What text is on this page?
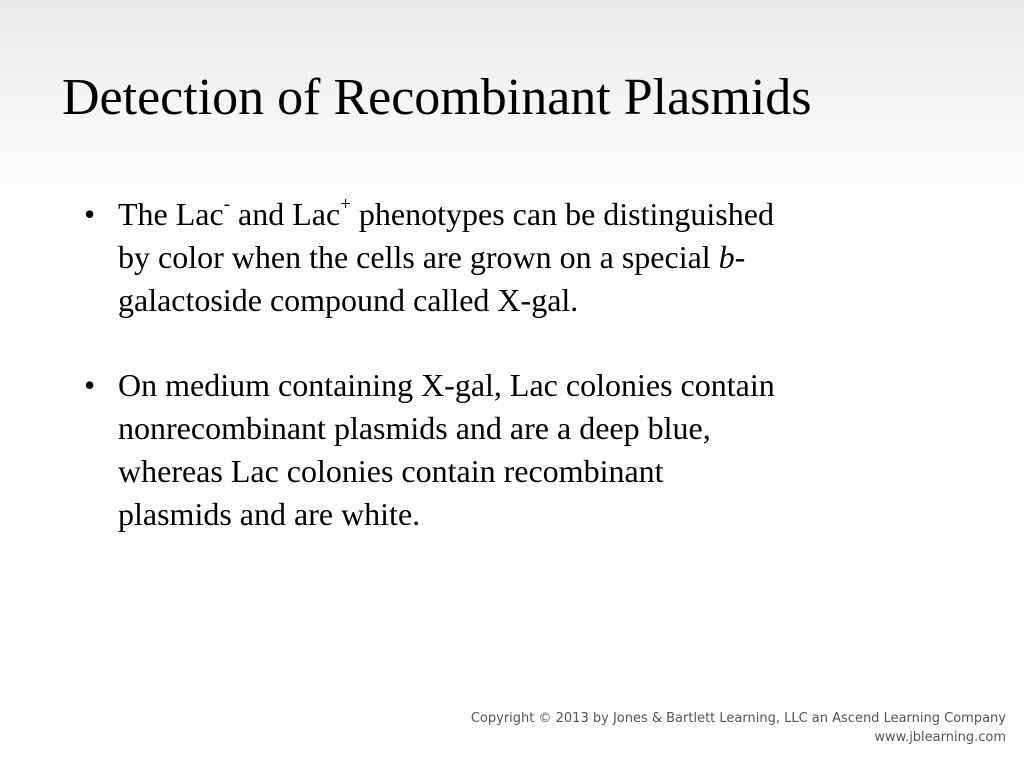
Detection of Recombinant Plasmids
• The Lac- and Lac+ phenotypes can be distinguished
by color when the cells are grown on a special b-
galactoside compound called X-gal.
• On medium containing X-gal, Lac colonies contain
nonrecombinant plasmids and are a deep blue,
whereas Lac colonies contain recombinant
plasmids and are white.
Copyright © 2013 by Jones & Bartlett Learning, LLC an Ascend Learning Company
www.jblearning.com
